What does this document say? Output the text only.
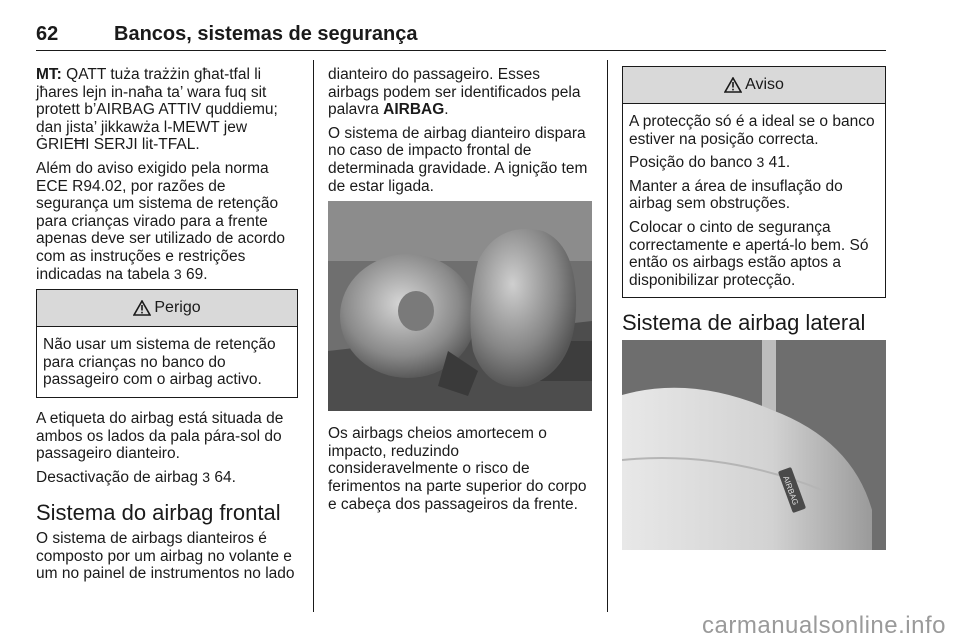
62	Bancos, sistemas de segurança

MT: QATT tuża trażżin għat-tfal li jħares lejn in-naħa ta’ wara fuq sit protett b’AIRBAG ATTIV quddiemu; dan jista’ jikkawża l-MEWT jew ĠRIEĦI SERJI lit-TFAL.

Além do aviso exigido pela norma ECE R94.02, por razões de segurança um sistema de retenção para crianças virado para a frente apenas deve ser utilizado de acordo com as instruções e restrições indicadas na tabela 3 69.

Perigo

Não usar um sistema de retenção para crianças no banco do passageiro com o airbag activo.

A etiqueta do airbag está situada de ambos os lados da pala pára-sol do passageiro dianteiro.

Desactivação de airbag 3 64.

Sistema do airbag frontal

O sistema de airbags dianteiros é composto por um airbag no volante e um no painel de instrumentos no lado

dianteiro do passageiro. Esses airbags podem ser identificados pela palavra AIRBAG.

O sistema de airbag dianteiro dispara no caso de impacto frontal de determinada gravidade. A ignição tem de estar ligada.

Os airbags cheios amortecem o impacto, reduzindo consideravelmente o risco de ferimentos na parte superior do corpo e cabeça dos passageiros da frente.

Aviso

A protecção só é a ideal se o banco estiver na posição correcta.

Posição do banco 3 41.

Manter a área de insuflação do airbag sem obstruções.

Colocar o cinto de segurança correctamente e apertá-lo bem. Só então os airbags estão aptos a disponibilizar protecção.

Sistema de airbag lateral
AIRBAG
carmanualsonline.info
